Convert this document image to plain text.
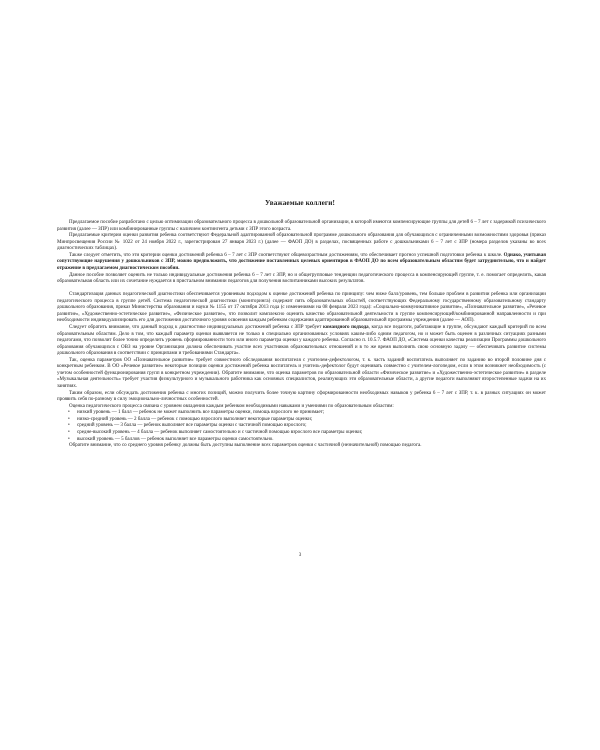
Уважаемые коллеги!

Предлагаемое пособие разработано с целью оптимизации образовательного процесса в дошкольной образовательной организации, в которой имеются компенсирующие группы для детей 6 – 7 лет с задержкой психического развития (далее — ЗПР) или комбинированные группы с наличием контингента детьми с ЗПР этого возраста.

Предлагаемые критерии оценки развития ребенка соответствуют Федеральной адаптированной образовательной программе дошкольного образования для обучающихся с ограниченными возможностями здоровья (приказ Минпросвещения России № 1022 от 24 ноября 2022 г., зарегистрирован 27 января 2023 г.) (далее — ФАОП ДО) в разделах, посвященных работе с дошкольниками 6 – 7 лет с ЗПР (номера разделов указаны во всех диагностических таблицах).

Также следует отметить, что эти критерии оценки достижений ребенка 6 – 7 лет с ЗПР соответствуют общевозрастным достижениям, что обеспечивает прогноз успешной подготовки ребенка к школе. Однако, учитывая сопутствующие нарушения у дошкольников с ЗПР, можно предположить, что достижение поставленных целевых ориентиров в ФАОП ДО по всем образовательным областям будет затруднительно, что и найдет отражение в предлагаемом диагностическом пособии.

Данное пособие позволяет оценить не только индивидуальные достижения ребенка 6 – 7 лет с ЗПР, но и общегрупповые тенденции педагогического процесса в компенсирующей группе, т. е. помогает определить, какая образовательная область или их сочетание нуждается в пристальном внимании педагогов для получения воспитанниками высоких результатов.

Стандартизация данных педагогической диагностики обеспечивается уровневым подходом к оценке достижений ребенка по принципу: чем ниже балл/уровень, тем больше проблем в развитии ребенка или организации педагогического процесса в группе детей. Система педагогической диагностики (мониторинга) содержит пять образовательных областей, соответствующих Федеральному государственному образовательному стандарту дошкольного образования, приказ Министерства образования и науки № 1155 от 17 октября 2013 года (с изменениями на 08 февраля 2023 года): «Социально-коммуникативное развитие», «Познавательное развитие», «Речевое развитие», «Художественно-эстетическое развитие», «Физическое развитие», что позволит комплексно оценить качество образовательной деятельности в группе компенсирующей/комбинированной направленности и при необходимости индивидуализировать его для достижения достаточного уровня освоения каждым ребенком содержания адаптированной образовательной программы учреждения (далее — АОП).

Следует обратить внимание, что данный подход к диагностике индивидуальных достижений ребенка с ЗПР требует командного подхода, когда все педагоги, работающие в группе, обсуждают каждый критерий по всем образовательным областям. Дело в том, что каждый параметр оценки выявляется не только в специально организованных условиях каким-либо одним педагогом, но и может быть оценен в различных ситуациях разными педагогами, что позволит более точно определить уровень сформированности того или иного параметра оценки у каждого ребенка. Согласно п. 10.5.7. ФАОП ДО, «Система оценки качества реализации Программы дошкольного образования обучающихся с ОВЗ на уровне Организации должна обеспечивать участие всех участников образовательных отношений и в то же время выполнять свою основную задачу — обеспечивать развитие системы дошкольного образования в соответствии с принципами и требованиями Стандарта».

Так, оценка параметров ОО «Познавательное развитие» требует совместного обследования воспитателя с учителем-дефектологом, т. к. часть заданий воспитатель выполняет по заданию во второй половине дня с конкретным ребенком. В ОО «Речевое развитие» некоторые позиции оценки достижений ребенка воспитатель и учитель-дефектолог будут оценивать совместно с учителем-логопедом, если в этом возникнет необходимость (с учетом особенностей функционирования групп в конкретном учреждении). Обратите внимание, что оценка параметров по образовательной области «Физическое развитие» и «Художественно-эстетическое развитие» в разделе «Музыкальная деятельность» требует участия физкультурного и музыкального работника как основных специалистов, реализующих эти образовательные области, а другие педагоги выполняют второстепенные задачи на их занятиях.

Таким образом, если обсуждать достижения ребенка с многих позиций, можно получить более точную картину сформированности необходимых навыков у ребенка 6 – 7 лет с ЗПР, т. к. в разных ситуациях он может проявить себя по-разному в силу эмоционально-личностных особенностей.

Оценка педагогического процесса связана с уровнем овладения каждым ребенком необходимыми навыками и умениями по образовательным областям:

• низкий уровень — 1 балл — ребенок не может выполнить все параметры оценки, помощь взрослого не принимает;
• низко-средний уровень — 2 балла — ребенок с помощью взрослого выполняет некоторые параметры оценки;
• средний уровень — 3 балла — ребенок выполняет все параметры оценки с частичной помощью взрослого;
• средне-высокий уровень — 4 балла — ребенок выполняет самостоятельно и с частичной помощью взрослого все параметры оценки;
• высокий уровень — 5 баллов — ребенок выполняет все параметры оценки самостоятельно.

Обратите внимание, что со среднего уровня ребенку должны быть доступны выполнение всех параметров оценки с частичной (незначительной) помощью педагога.

3
